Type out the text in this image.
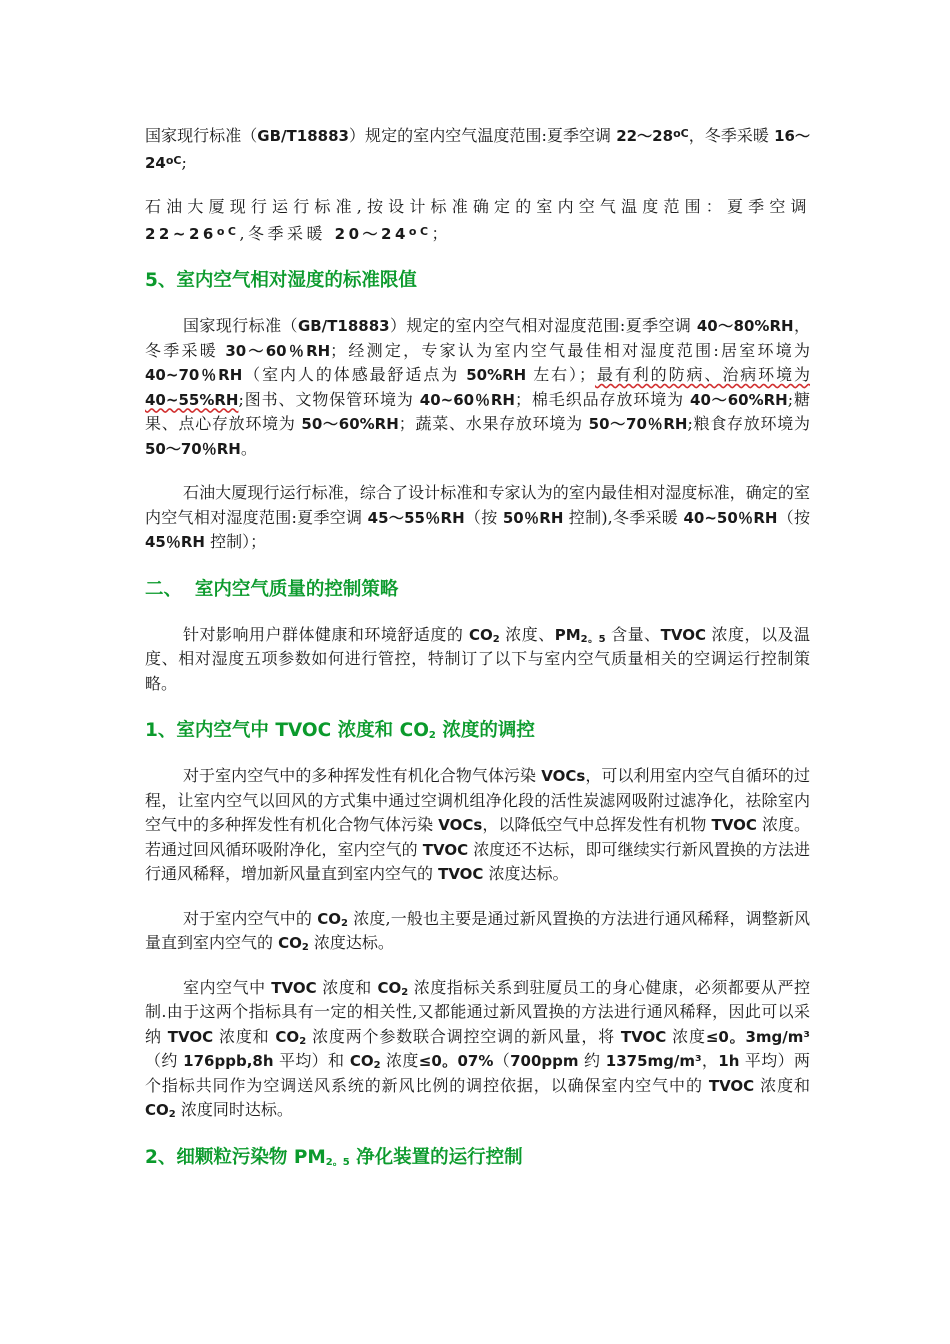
国家现行标准（GB/T18883）规定的室内空气温度范围:夏季空调 $22\sim 28^{oC}$，冬季采暖 $16\sim 24^{oC}$;

石油大厦现行运行标准,按设计标准确定的室内空气温度范围：夏季空调 $22\sim 26^{oC}$,冬季采暖 $20\sim 24^{oC}$；

5、室内空气相对湿度的标准限值

国家现行标准（GB/T18883）规定的室内空气相对湿度范围:夏季空调 40～80%RH，冬季采暖 30～60％RH；经测定，专家认为室内空气最佳相对湿度范围:居室环境为 40~70％RH（室内人的体感最舒适点为 50%RH 左右）；最有利的防病、治病环境为 40~55%RH;图书、文物保管环境为 40~60％RH；棉毛织品存放环境为 40～60%RH;糖果、点心存放环境为 50～60%RH；蔬菜、水果存放环境为 50～70％RH;粮食存放环境为 50～70％RH。

石油大厦现行运行标准，综合了设计标准和专家认为的室内最佳相对湿度标准，确定的室内空气相对湿度范围:夏季空调 45～55％RH（按 50％RH 控制),冬季采暖 40~50％RH（按 45％RH 控制）；

二、  室内空气质量的控制策略

针对影响用户群体健康和环境舒适度的 $CO_2$ 浓度、$PM_{2。5}$ 含量、TVOC 浓度，以及温度、相对湿度五项参数如何进行管控，特制订了以下与室内空气质量相关的空调运行控制策略。

1、室内空气中 TVOC 浓度和 $CO_2$ 浓度的调控

对于室内空气中的多种挥发性有机化合物气体污染 VOCs，可以利用室内空气自循环的过程，让室内空气以回风的方式集中通过空调机组净化段的活性炭滤网吸附过滤净化，祛除室内空气中的多种挥发性有机化合物气体污染 VOCs，以降低空气中总挥发性有机物 TVOC 浓度。若通过回风循环吸附净化，室内空气的 TVOC 浓度还不达标，即可继续实行新风置换的方法进行通风稀释，增加新风量直到室内空气的 TVOC 浓度达标。

对于室内空气中的 $CO_2$ 浓度,一般也主要是通过新风置换的方法进行通风稀释，调整新风量直到室内空气的 $CO_2$ 浓度达标。

室内空气中 TVOC 浓度和 $CO_2$ 浓度指标关系到驻厦员工的身心健康，必须都要从严控制.由于这两个指标具有一定的相关性,又都能通过新风置换的方法进行通风稀释，因此可以采纳 TVOC 浓度和 $CO_2$ 浓度两个参数联合调控空调的新风量，将 TVOC 浓度≤0。3mg/m³（约 176ppb,8h 平均）和 $CO_2$ 浓度≤0。07%（700ppm 约 1375mg/m³，1h 平均）两个指标共同作为空调送风系统的新风比例的调控依据，以确保室内空气中的 TVOC 浓度和 $CO_2$ 浓度同时达标。

2、细颗粒污染物 $PM_{2。5}$ 净化装置的运行控制
